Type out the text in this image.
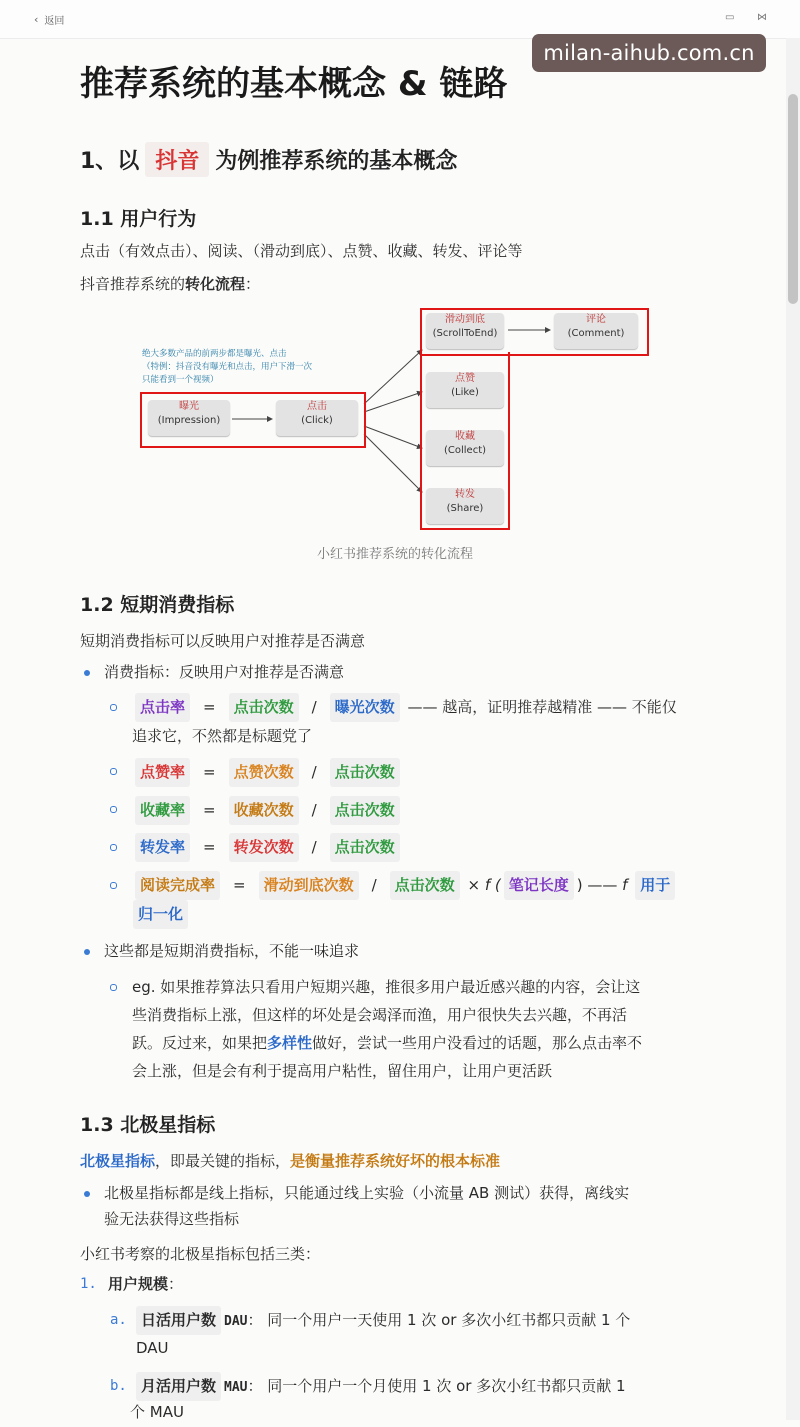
‹ 返回	▭ ⋈
milan-aihub.com.cn
推荐系统的基本概念 & 链路
1、以 抖音 为例推荐系统的基本概念
1.1 用户行为
点击（有效点击）、阅读、（滑动到底）、点赞、收藏、转发、评论等
抖音推荐系统的转化流程：
小红书推荐系统的转化流程
绝大多数产品的前两步都是曝光、点击
（特例：抖音没有曝光和点击，用户下滑一次
只能看到一个视频）
曝光
(Impression)
点击
(Click)
滑动到底
(ScrollToEnd)
评论
(Comment)
点赞
(Like)
收藏
(Collect)
转发
(Share)
1.2 短期消费指标
短期消费指标可以反映用户对推荐是否满意
消费指标：反映用户对推荐是否满意
点击率 = 点击次数 / 曝光次数 —— 越高，证明推荐越精准 —— 不能仅
追求它，不然都是标题党了
点赞率 = 点赞次数 / 点击次数
收藏率 = 收藏次数 / 点击次数
转发率 = 转发次数 / 点击次数
阅读完成率 = 滑动到底次数 / 点击次数 × f ( 笔记长度 ) —— f 用于
归一化
这些都是短期消费指标，不能一味追求
eg. 如果推荐算法只看用户短期兴趣，推很多用户最近感兴趣的内容，会让这
些消费指标上涨，但这样的坏处是会竭泽而渔，用户很快失去兴趣，不再活
跃。反过来，如果把多样性做好，尝试一些用户没看过的话题，那么点击率不
会上涨，但是会有利于提高用户粘性，留住用户，让用户更活跃
1.3 北极星指标
北极星指标，即最关键的指标，是衡量推荐系统好坏的根本标准
北极星指标都是线上指标，只能通过线上实验（小流量 AB 测试）获得，离线实
验无法获得这些指标
小红书考察的北极星指标包括三类：
1. 用户规模：
a. 日活用户数 DAU： 同一个用户一天使用 1 次 or 多次小红书都只贡献 1 个
DAU
b. 月活用户数 MAU： 同一个用户一个月使用 1 次 or 多次小红书都只贡献 1
个 MAU
